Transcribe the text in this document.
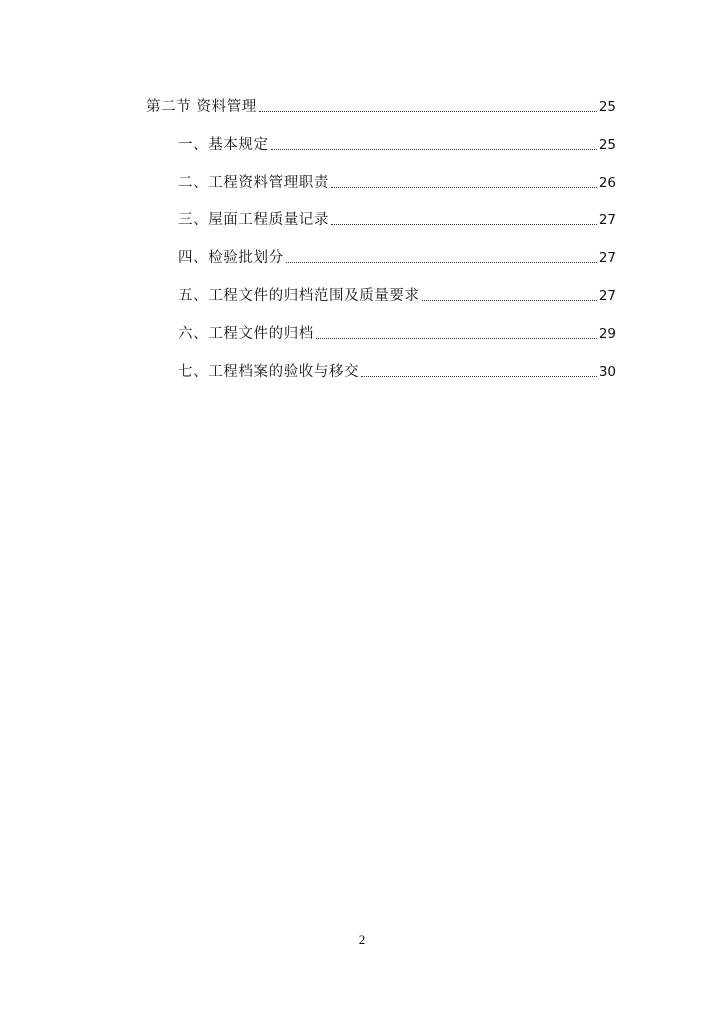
第二节 资料管理	25
一、基本规定	25
二、工程资料管理职责	26
三、屋面工程质量记录	27
四、检验批划分	27
五、工程文件的归档范围及质量要求	27
六、工程文件的归档	29
七、工程档案的验收与移交	30
2
